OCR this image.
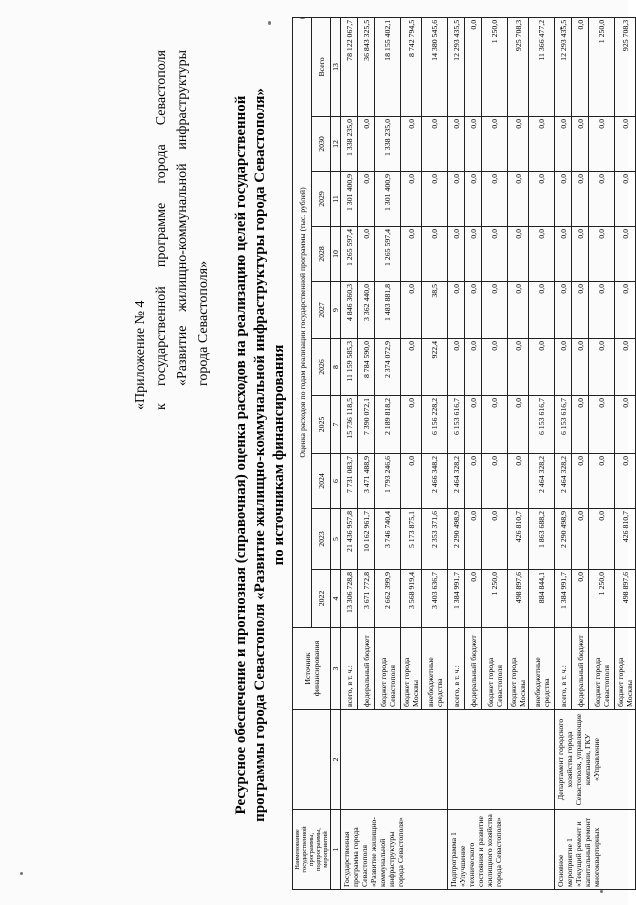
«Приложение № 4 к
государственной
программе
города
Севастополя
«Развитие
жилищно-коммунальной
инфраструктуры
города Севастополя» Ресурсное обеспечение и прогнозная (справочная) оценка расходов на реализацию целей государственной программы города Севастополя «Развитие жилищно-коммунальной инфраструктуры города Севастополя» по источникам финансирования
Наименование государственной программы, подпрограммы, мероприятий		Источник финансирования	Оценка расходов по годам реализации государственной программы (тыс. рублей)									
			2022	2023	2024	2025	2026	2027	2028	2029	2030	Всего
1	2	3	4	5	6	7	8	9	10	11	12	13
Государственная программа города Севастополя «Развитие жилищно-коммунальной инфраструктуры города Севастополя»		всего, в т. ч.:	13 306 728,8	21 436 957,8	7 731 083,7	15 736 118,5	11 159 585,3	4 846 360,3	1 265 597,4	1 301 400,9	1 338 235,0	78 122 067,7
		федеральный бюджет	3 671 772,8	10 162 961,7	3 471 488,9	7 390 072,1	8 784 590,0	3 362 440,0	0,0	0,0	0,0	36 843 325,5
		бюджет города Севастополя	2 662 399,9	3 746 740,4	1 793 246,6	2 189 818,2	2 374 072,9	1 483 881,8	1 265 597,4	1 301 400,9	1 338 235,0	18 155 402,1
		бюджет города Москвы	3 568 919,4	5 173 875,1	0,0	0,0	0,0	0,0	0,0	0,0	0,0	8 742 794,5
		внебюджетные средства	3 403 636,7	2 353 371,6	2 466 348,2	6 156 228,2	922,4	38,5	0,0	0,0	0,0	14 380 545,6
Подпрограмма 1 «Улучшение технического состояния и развитие жилищного хозяйства города Севастополя»		всего, в т. ч.:	1 384 991,7	2 290 498,9	2 464 328,2	6 153 616,7	0,0	0,0	0,0	0,0	0,0	12 293 435,5
		федеральный бюджет	0,0	0,0	0,0	0,0	0,0	0,0	0,0	0,0	0,0	0,0
		бюджет города Севастополя	1 250,0	0,0	0,0	0,0	0,0	0,0	0,0	0,0	0,0	1 250,0
		бюджет города Москвы	498 897,6	426 810,7	0,0	0,0	0,0	0,0	0,0	0,0	0,0	925 708,3
		внебюджетные средства	884 844,1	1 863 688,2	2 464 328,2	6 153 616,7	0,0	0,0	0,0	0,0	0,0	11 366 477,2
Основное мероприятие 1 «Текущий ремонт и капитальный ремонт многоквартирных	Департамент городского хозяйства города Севастополя, управляющие компании, ГКУ «Управление	всего, в т. ч.:	1 384 991,7	2 290 498,9	2 464 328,2	6 153 616,7	0,0	0,0	0,0	0,0	0,0	12 293 435,5
		федеральный бюджет	0,0	0,0	0,0	0,0	0,0	0,0	0,0	0,0	0,0	0,0
		бюджет города Севастополя	1 250,0	0,0	0,0	0,0	0,0	0,0	0,0	0,0	0,0	1 250,0
		бюджет города Москвы	498 897,6	426 810,7	0,0	0,0	0,0	0,0	0,0	0,0	0,0	925 708,3
